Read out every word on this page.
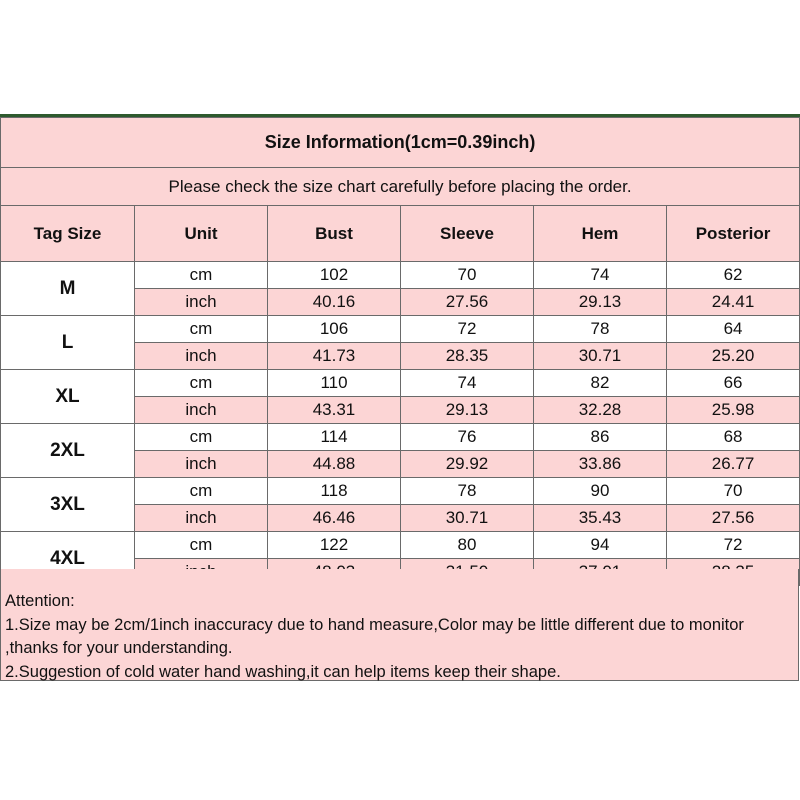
Size Information(1cm=0.39inch)					
Please check the size chart carefully before placing the order.					
Tag Size	Unit	Bust	Sleeve	Hem	Posterior
M	cm	102	70	74	62
	inch	40.16	27.56	29.13	24.41
L	cm	106	72	78	64
	inch	41.73	28.35	30.71	25.20
XL	cm	110	74	82	66
	inch	43.31	29.13	32.28	25.98
2XL	cm	114	76	86	68
	inch	44.88	29.92	33.86	26.77
3XL	cm	118	78	90	70
	inch	46.46	30.71	35.43	27.56
4XL	cm	122	80	94	72

Attention:
1.Size may be 2cm/1inch inaccuracy due to hand measure,Color may be little different due to monitor ,thanks for your understanding.
2.Suggestion of cold water hand washing,it can help items keep their shape.
